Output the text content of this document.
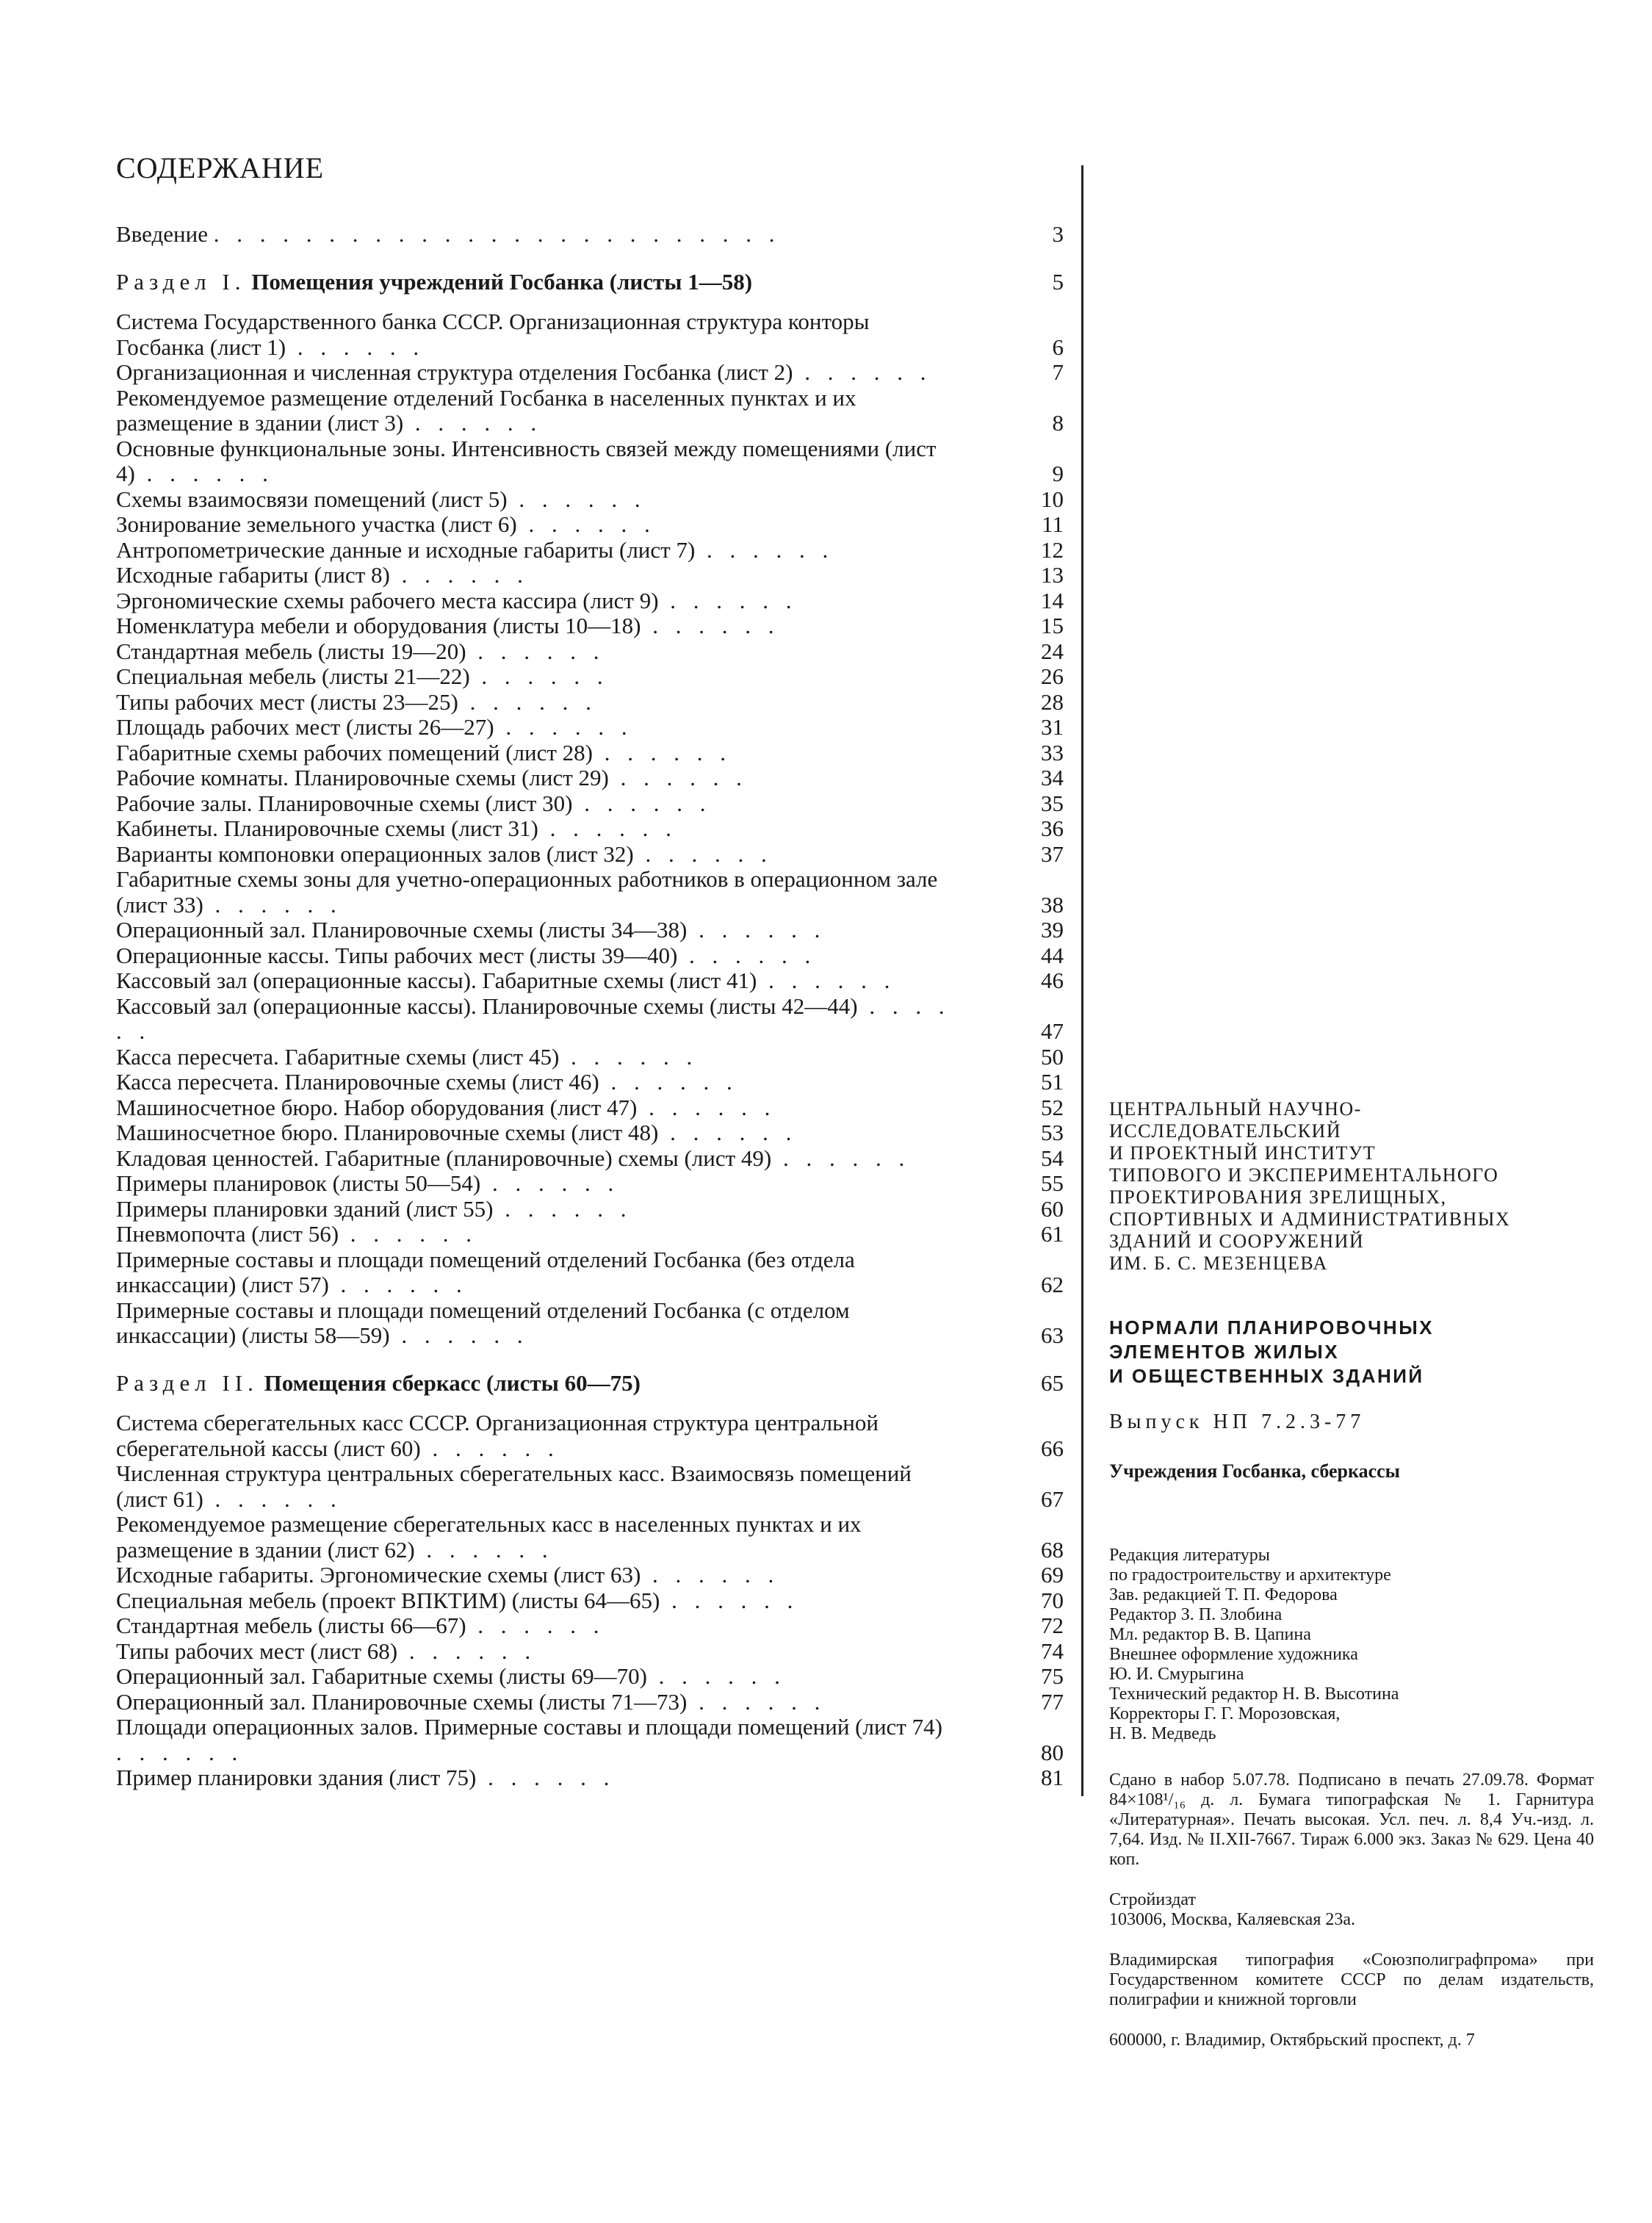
СОДЕРЖАНИЕ
Введение . . . . . . . . . . . . . . . . . . . . . . . . .	3
Раздел I. Помещения учреждений Госбанка (листы 1—58)	5
Система Государственного банка СССР. Организационная структура конторы Госбанка (лист 1) . . . . . .	6
Организационная и численная структура отделения Госбанка (лист 2) . . . . . .	7
Рекомендуемое размещение отделений Госбанка в населенных пунктах и их размещение в здании (лист 3) . . . . . .	8
Основные функциональные зоны. Интенсивность связей между помещениями (лист 4) . . . . . .	9
Схемы взаимосвязи помещений (лист 5) . . . . . .	10
Зонирование земельного участка (лист 6) . . . . . .	11
Антропометрические данные и исходные габариты (лист 7) . . . . . .	12
Исходные габариты (лист 8) . . . . . .	13
Эргономические схемы рабочего места кассира (лист 9) . . . . . .	14
Номенклатура мебели и оборудования (листы 10—18) . . . . . .	15
Стандартная мебель (листы 19—20) . . . . . .	24
Специальная мебель (листы 21—22) . . . . . .	26
Типы рабочих мест (листы 23—25) . . . . . .	28
Площадь рабочих мест (листы 26—27) . . . . . .	31
Габаритные схемы рабочих помещений (лист 28) . . . . . .	33
Рабочие комнаты. Планировочные схемы (лист 29) . . . . . .	34
Рабочие залы. Планировочные схемы (лист 30) . . . . . .	35
Кабинеты. Планировочные схемы (лист 31) . . . . . .	36
Варианты компоновки операционных залов (лист 32) . . . . . .	37
Габаритные схемы зоны для учетно-операционных работников в операционном зале (лист 33) . . . . . .	38
Операционный зал. Планировочные схемы (листы 34—38) . . . . . .	39
Операционные кассы. Типы рабочих мест (листы 39—40) . . . . . .	44
Кассовый зал (операционные кассы). Габаритные схемы (лист 41) . . . . . .	46
Кассовый зал (операционные кассы). Планировочные схемы (листы 42—44) . . . . . .	47
Касса пересчета. Габаритные схемы (лист 45) . . . . . .	50
Касса пересчета. Планировочные схемы (лист 46) . . . . . .	51
Машиносчетное бюро. Набор оборудования (лист 47) . . . . . .	52
Машиносчетное бюро. Планировочные схемы (лист 48) . . . . . .	53
Кладовая ценностей. Габаритные (планировочные) схемы (лист 49) . . . . . .	54
Примеры планировок (листы 50—54) . . . . . .	55
Примеры планировки зданий (лист 55) . . . . . .	60
Пневмопочта (лист 56) . . . . . .	61
Примерные составы и площади помещений отделений Госбанка (без отдела инкассации) (лист 57) . . . . . .	62
Примерные составы и площади помещений отделений Госбанка (с отделом инкассации) (листы 58—59) . . . . . .	63
Раздел II. Помещения сберкасс (листы 60—75)	65
Система сберегательных касс СССР. Организационная структура центральной сберегательной кассы (лист 60) . . . . . .	66
Численная структура центральных сберегательных касс. Взаимосвязь помещений (лист 61) . . . . . .	67
Рекомендуемое размещение сберегательных касс в населенных пунктах и их размещение в здании (лист 62) . . . . . .	68
Исходные габариты. Эргономические схемы (лист 63) . . . . . .	69
Специальная мебель (проект ВПКТИМ) (листы 64—65) . . . . . .	70
Стандартная мебель (листы 66—67) . . . . . .	72
Типы рабочих мест (лист 68) . . . . . .	74
Операционный зал. Габаритные схемы (листы 69—70) . . . . . .	75
Операционный зал. Планировочные схемы (листы 71—73) . . . . . .	77
Площади операционных залов. Примерные составы и площади помещений (лист 74) . . . . . .	80
Пример планировки здания (лист 75) . . . . . .	81
ЦЕНТРАЛЬНЫЙ НАУЧНО-
ИССЛЕДОВАТЕЛЬСКИЙ
И ПРОЕКТНЫЙ ИНСТИТУТ
ТИПОВОГО И ЭКСПЕРИМЕНТАЛЬНОГО
ПРОЕКТИРОВАНИЯ ЗРЕЛИЩНЫХ,
СПОРТИВНЫХ И АДМИНИСТРАТИВНЫХ
ЗДАНИЙ И СООРУЖЕНИЙ
ИМ. Б. С. МЕЗЕНЦЕВА
НОРМАЛИ ПЛАНИРОВОЧНЫХ
ЭЛЕМЕНТОВ ЖИЛЫХ
И ОБЩЕСТВЕННЫХ ЗДАНИЙ
Выпуск НП 7.2.3-77
Учреждения Госбанка, сберкассы
Редакция литературы
по градостроительству и архитектуре
Зав. редакцией Т. П. Федорова
Редактор З. П. Злобина
Мл. редактор В. В. Цапина
Внешнее оформление художника
Ю. И. Смурыгина
Технический редактор Н. В. Высотина
Корректоры Г. Г. Морозовская,
Н. В. Медведь

Сдано в набор 5.07.78. Подписано в печать 27.09.78. Формат 84×108¹/₁₆ д. л. Бумага типографская № 1. Гарнитура «Литературная». Печать высокая. Усл. печ. л. 8,4 Уч.-изд. л. 7,64. Изд. № II.XII-7667. Тираж 6.000 экз. Заказ № 629. Цена 40 коп.

Стройиздат
103006, Москва, Каляевская 23а.

Владимирская типография «Союзполиграфпрома» при Государственном комитете СССР по делам издательств, полиграфии и книжной торговли

600000, г. Владимир, Октябрьский проспект, д. 7
